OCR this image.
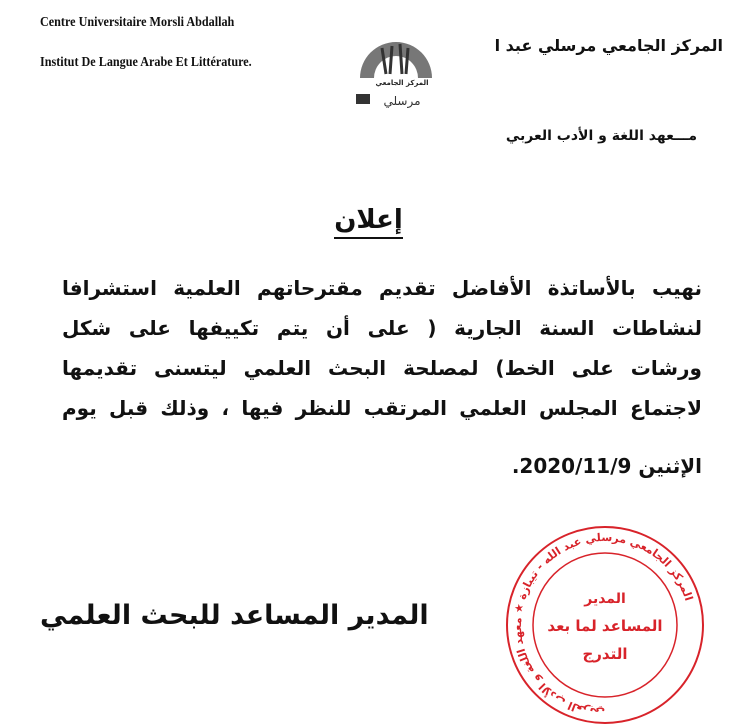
Centre Universitaire Morsli Abdallah
Institut De Langue Arabe Et Littérature.
المركز الجامعي
مرسلي
المركز الجامعي مرسلي عبد ا
مـــعهد اللغة و الأدب العربي
إعلان
نهيب بالأساتذة الأفاضل تقديم مقترحاتهم العلمية استشرافا
لنشاطات السنة الجارية ( على أن يتم تكييفها على شكل
ورشات على الخط) لمصلحة البحث العلمي ليتسنى تقديمها
لاجتماع المجلس العلمي المرتقب للنظر فيها ، وذلك قبل يوم
الإثنين 2020/11/9.
المدير المساعد للبحث العلمي
المركز الجامعي مرسلي عبد الله - تيبازة ★ معهد اللغة و الأدب العربي
المدير
المساعد لما بعد
التدرج
